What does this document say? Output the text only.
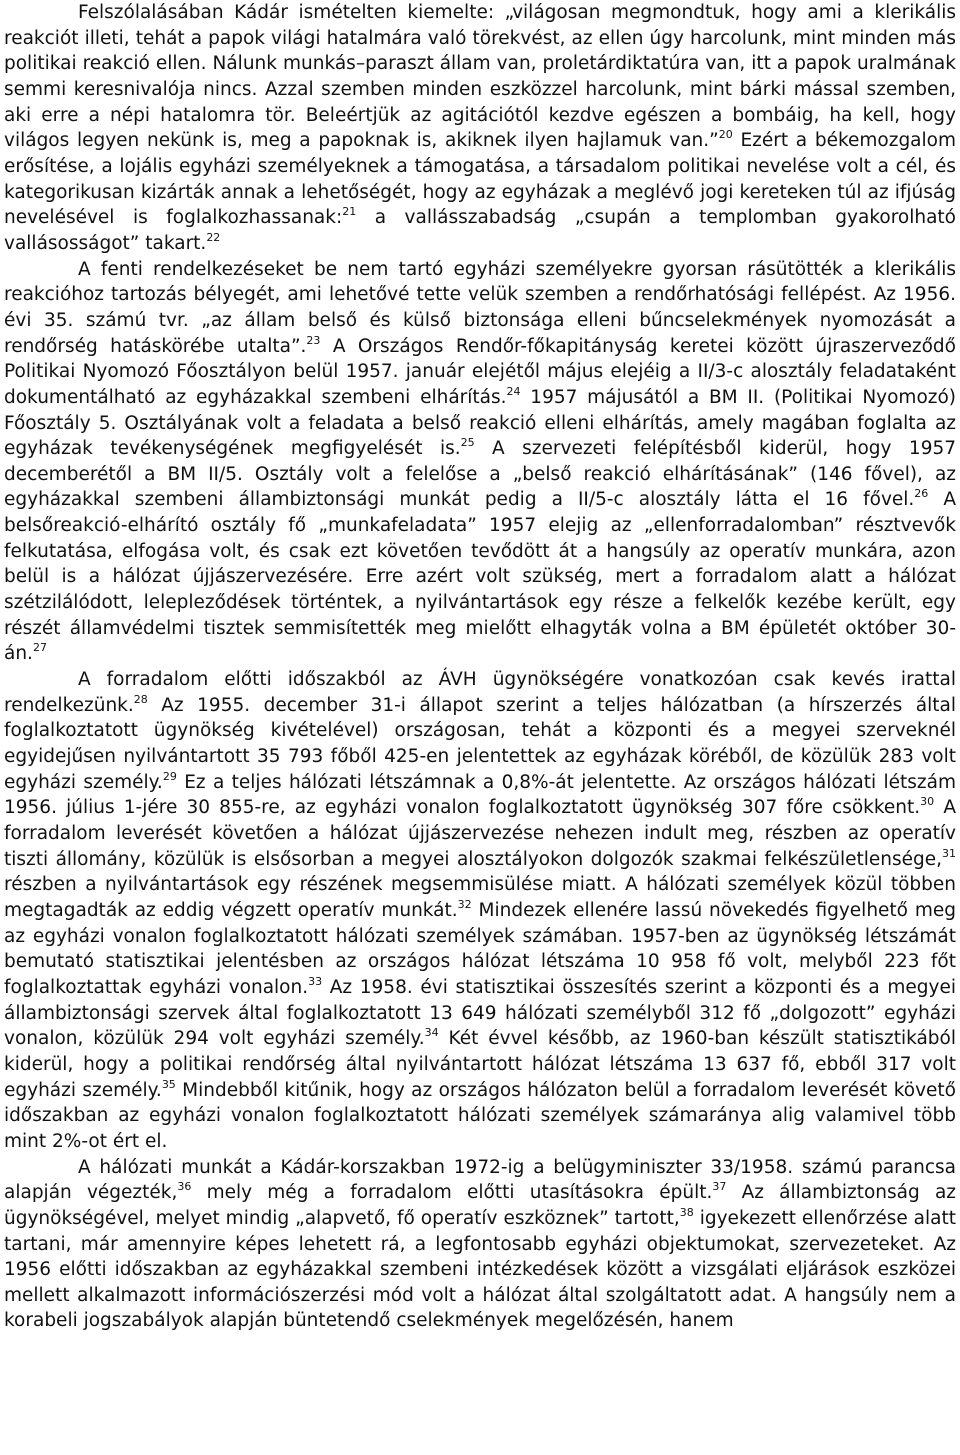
Felszólalásában Kádár ismételten kiemelte: „világosan megmondtuk, hogy ami a klerikális reakciót illeti, tehát a papok világi hatalmára való törekvést, az ellen úgy harcolunk, mint minden más politikai reakció ellen. Nálunk munkás–paraszt állam van, proletárdiktatúra van, itt a papok uralmának semmi keresnivalója nincs. Azzal szemben minden eszközzel harcolunk, mint bárki mással szemben, aki erre a népi hatalomra tör. Beleértjük az agitációtól kezdve egészen a bombáig, ha kell, hogy világos legyen nekünk is, meg a papoknak is, akiknek ilyen hajlamuk van.”$^{20}$ Ezért a békemozgalom erősítése, a lojális egyházi személyeknek a támogatása, a társadalom politikai nevelése volt a cél, és kategorikusan kizárták annak a lehetőségét, hogy az egyházak a meglévő jogi kereteken túl az ifjúság nevelésével is foglalkozhassanak:$^{21}$ a vallásszabadság „csupán a templomban gyakorolható vallásosságot” takart.$^{22}$

A fenti rendelkezéseket be nem tartó egyházi személyekre gyorsan rásütötték a klerikális reakcióhoz tartozás bélyegét, ami lehetővé tette velük szemben a rendőrhatósági fellépést. Az 1956. évi 35. számú tvr. „az állam belső és külső biztonsága elleni bűncselekmények nyomozását a rendőrség hatáskörébe utalta”.$^{23}$ A Országos Rendőr-főkapitányság keretei között újraszerveződő Politikai Nyomozó Főosztályon belül 1957. január elejétől május elejéig a II/3-c alosztály feladataként dokumentálható az egyházakkal szembeni elhárítás.$^{24}$ 1957 májusától a BM II. (Politikai Nyomozó) Főosztály 5. Osztályának volt a feladata a belső reakció elleni elhárítás, amely magában foglalta az egyházak tevékenységének megfigyelését is.$^{25}$ A szervezeti felépítésből kiderül, hogy 1957 decemberétől a BM II/5. Osztály volt a felelőse a „belső reakció elhárításának” (146 fővel), az egyházakkal szembeni állambiztonsági munkát pedig a II/5-c alosztály látta el 16 fővel.$^{26}$ A belsőreakció-elhárító osztály fő „munkafeladata” 1957 elejig az „ellenforradalomban” résztvevők felkutatása, elfogása volt, és csak ezt követően tevődött át a hangsúly az operatív munkára, azon belül is a hálózat újjászervezésére. Erre azért volt szükség, mert a forradalom alatt a hálózat szétzilálódott, lelepleződések történtek, a nyilvántartások egy része a felkelők kezébe került, egy részét államvédelmi tisztek semmisítették meg mielőtt elhagyták volna a BM épületét október 30-án.$^{27}$

A forradalom előtti időszakból az ÁVH ügynökségére vonatkozóan csak kevés irattal rendelkezünk.$^{28}$ Az 1955. december 31-i állapot szerint a teljes hálózatban (a hírszerzés által foglalkoztatott ügynökség kivételével) országosan, tehát a központi és a megyei szerveknél egyidejűsen nyilvántartott 35 793 főből 425-en jelentettek az egyházak köréből, de közülük 283 volt egyházi személy.$^{29}$ Ez a teljes hálózati létszámnak a 0,8%-át jelentette. Az országos hálózati létszám 1956. július 1-jére 30 855-re, az egyházi vonalon foglalkoztatott ügynökség 307 főre csökkent.$^{30}$ A forradalom leverését követően a hálózat újjászervezése nehezen indult meg, részben az operatív tiszti állomány, közülük is elsősorban a megyei alosztályokon dolgozók szakmai felkészületlensége,$^{31}$ részben a nyilvántartások egy részének megsemmisülése miatt. A hálózati személyek közül többen megtagadták az eddig végzett operatív munkát.$^{32}$ Mindezek ellenére lassú növekedés figyelhető meg az egyházi vonalon foglalkoztatott hálózati személyek számában. 1957-ben az ügynökség létszámát bemutató statisztikai jelentésben az országos hálózat létszáma 10 958 fő volt, melyből 223 főt foglalkoztattak egyházi vonalon.$^{33}$ Az 1958. évi statisztikai összesítés szerint a központi és a megyei állambiztonsági szervek által foglalkoztatott 13 649 hálózati személyből 312 fő „dolgozott” egyházi vonalon, közülük 294 volt egyházi személy.$^{34}$ Két évvel később, az 1960-ban készült statisztikából kiderül, hogy a politikai rendőrség által nyilvántartott hálózat létszáma 13 637 fő, ebből 317 volt egyházi személy.$^{35}$ Mindebből kitűnik, hogy az országos hálózaton belül a forradalom leverését követő időszakban az egyházi vonalon foglalkoztatott hálózati személyek számaránya alig valamivel több mint 2%-ot ért el.

A hálózati munkát a Kádár-korszakban 1972-ig a belügyminiszter 33/1958. számú parancsa alapján végezték,$^{36}$ mely még a forradalom előtti utasításokra épült.$^{37}$ Az állambiztonság az ügynökségével, melyet mindig „alapvető, fő operatív eszköznek” tartott,$^{38}$ igyekezett ellenőrzése alatt tartani, már amennyire képes lehetett rá, a legfontosabb egyházi objektumokat, szervezeteket. Az 1956 előtti időszakban az egyházakkal szembeni intézkedések között a vizsgálati eljárások eszközei mellett alkalmazott információszerzési mód volt a hálózat által szolgáltatott adat. A hangsúly nem a korabeli jogszabályok alapján büntetendő cselekmények megelőzésén, hanem
